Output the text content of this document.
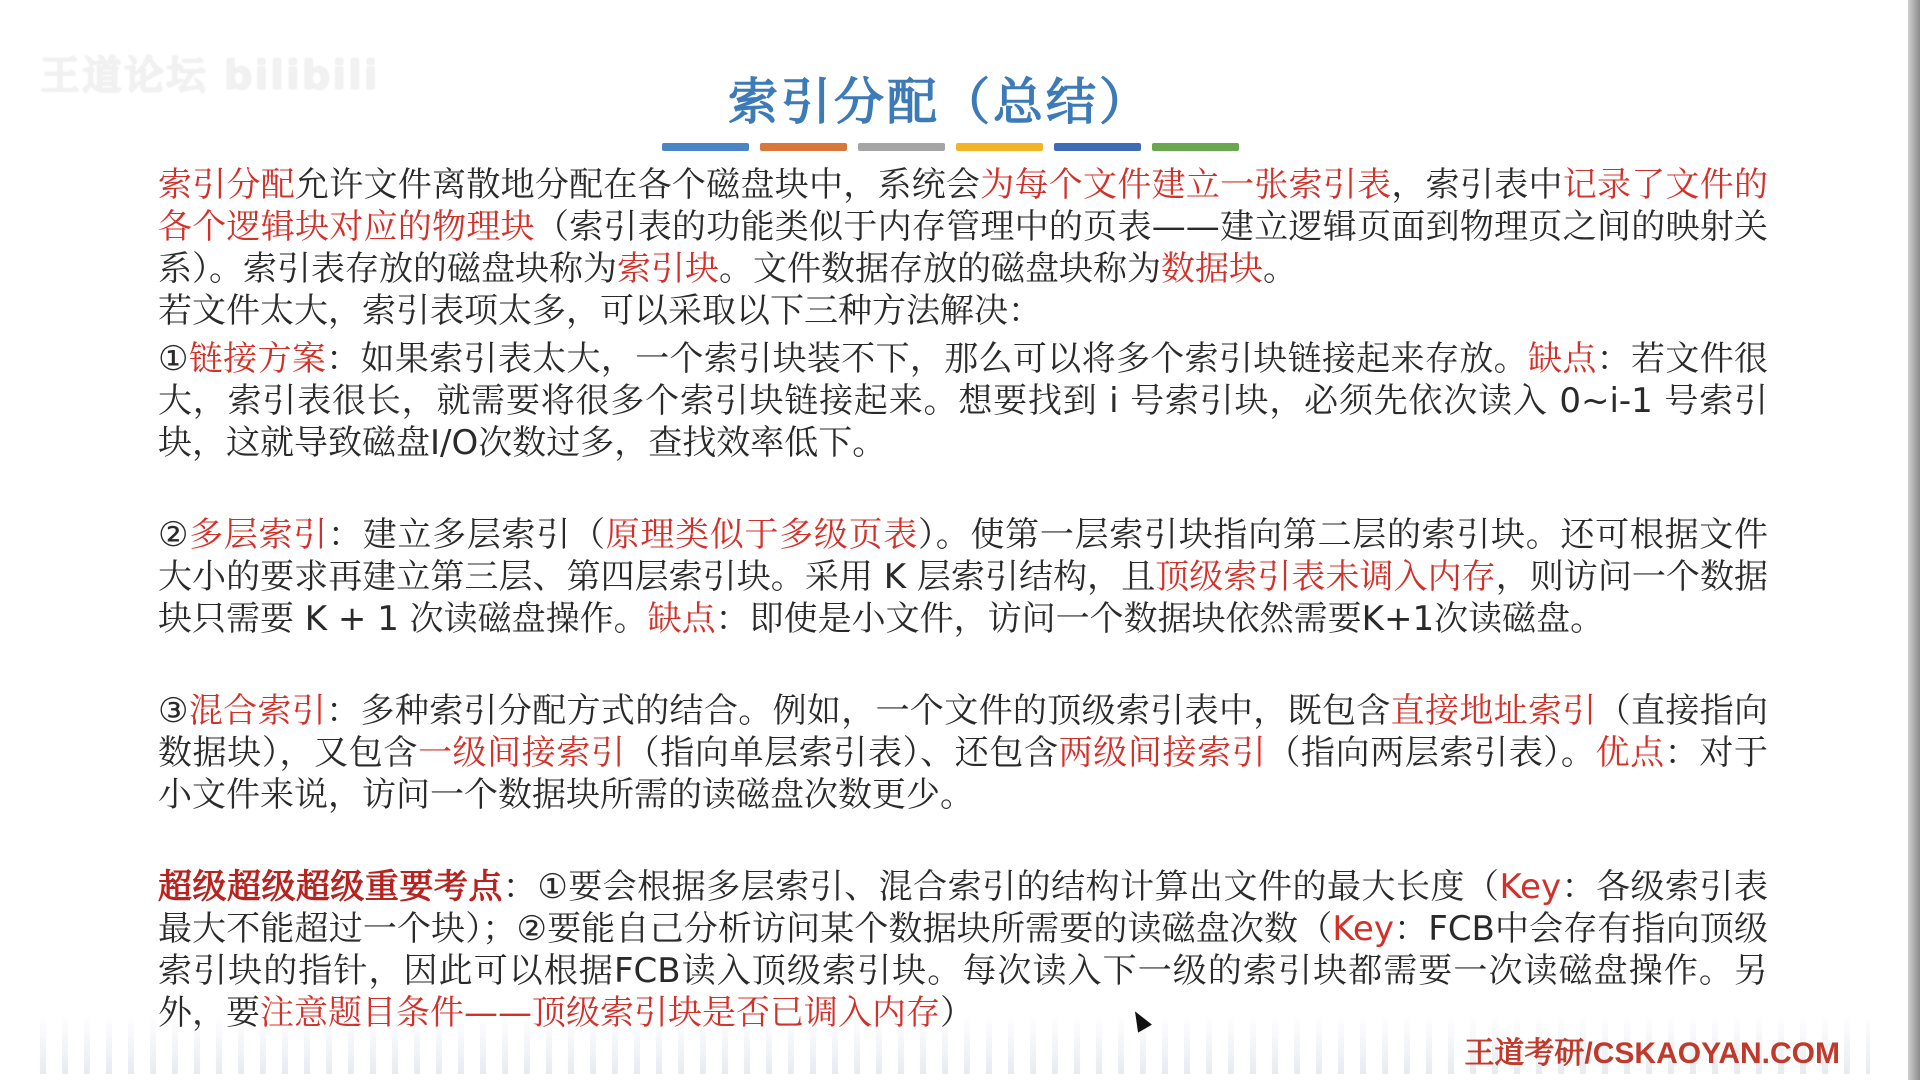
王道论坛 bilibili	索引分配（总结）

索引分配允许文件离散地分配在各个磁盘块中，系统会为每个文件建立一张索引表，索引表中记录了文件的各个逻辑块对应的物理块（索引表的功能类似于内存管理中的页表——建立逻辑页面到物理页之间的映射关系）。索引表存放的磁盘块称为索引块。文件数据存放的磁盘块称为数据块。

若文件太大，索引表项太多，可以采取以下三种方法解决：

①链接方案：如果索引表太大，一个索引块装不下，那么可以将多个索引块链接起来存放。缺点：若文件很大，索引表很长，就需要将很多个索引块链接起来。想要找到 i 号索引块，必须先依次读入 0~i-1 号索引块，这就导致磁盘I/O次数过多，查找效率低下。

②多层索引：建立多层索引（原理类似于多级页表）。使第一层索引块指向第二层的索引块。还可根据文件大小的要求再建立第三层、第四层索引块。采用 K 层索引结构，且顶级索引表未调入内存，则访问一个数据块只需要 K + 1 次读磁盘操作。缺点：即使是小文件，访问一个数据块依然需要K+1次读磁盘。

③混合索引：多种索引分配方式的结合。例如，一个文件的顶级索引表中，既包含直接地址索引（直接指向数据块），又包含一级间接索引（指向单层索引表）、还包含两级间接索引（指向两层索引表）。优点：对于小文件来说，访问一个数据块所需的读磁盘次数更少。

超级超级超级重要考点：①要会根据多层索引、混合索引的结构计算出文件的最大长度（Key：各级索引表最大不能超过一个块）；②要能自己分析访问某个数据块所需要的读磁盘次数（Key：FCB中会存有指向顶级索引块的指针，因此可以根据FCB读入顶级索引块。每次读入下一级的索引块都需要一次读磁盘操作。另外，要注意题目条件——顶级索引块是否已调入内存）

王道考研/CSKAOYAN.COM
